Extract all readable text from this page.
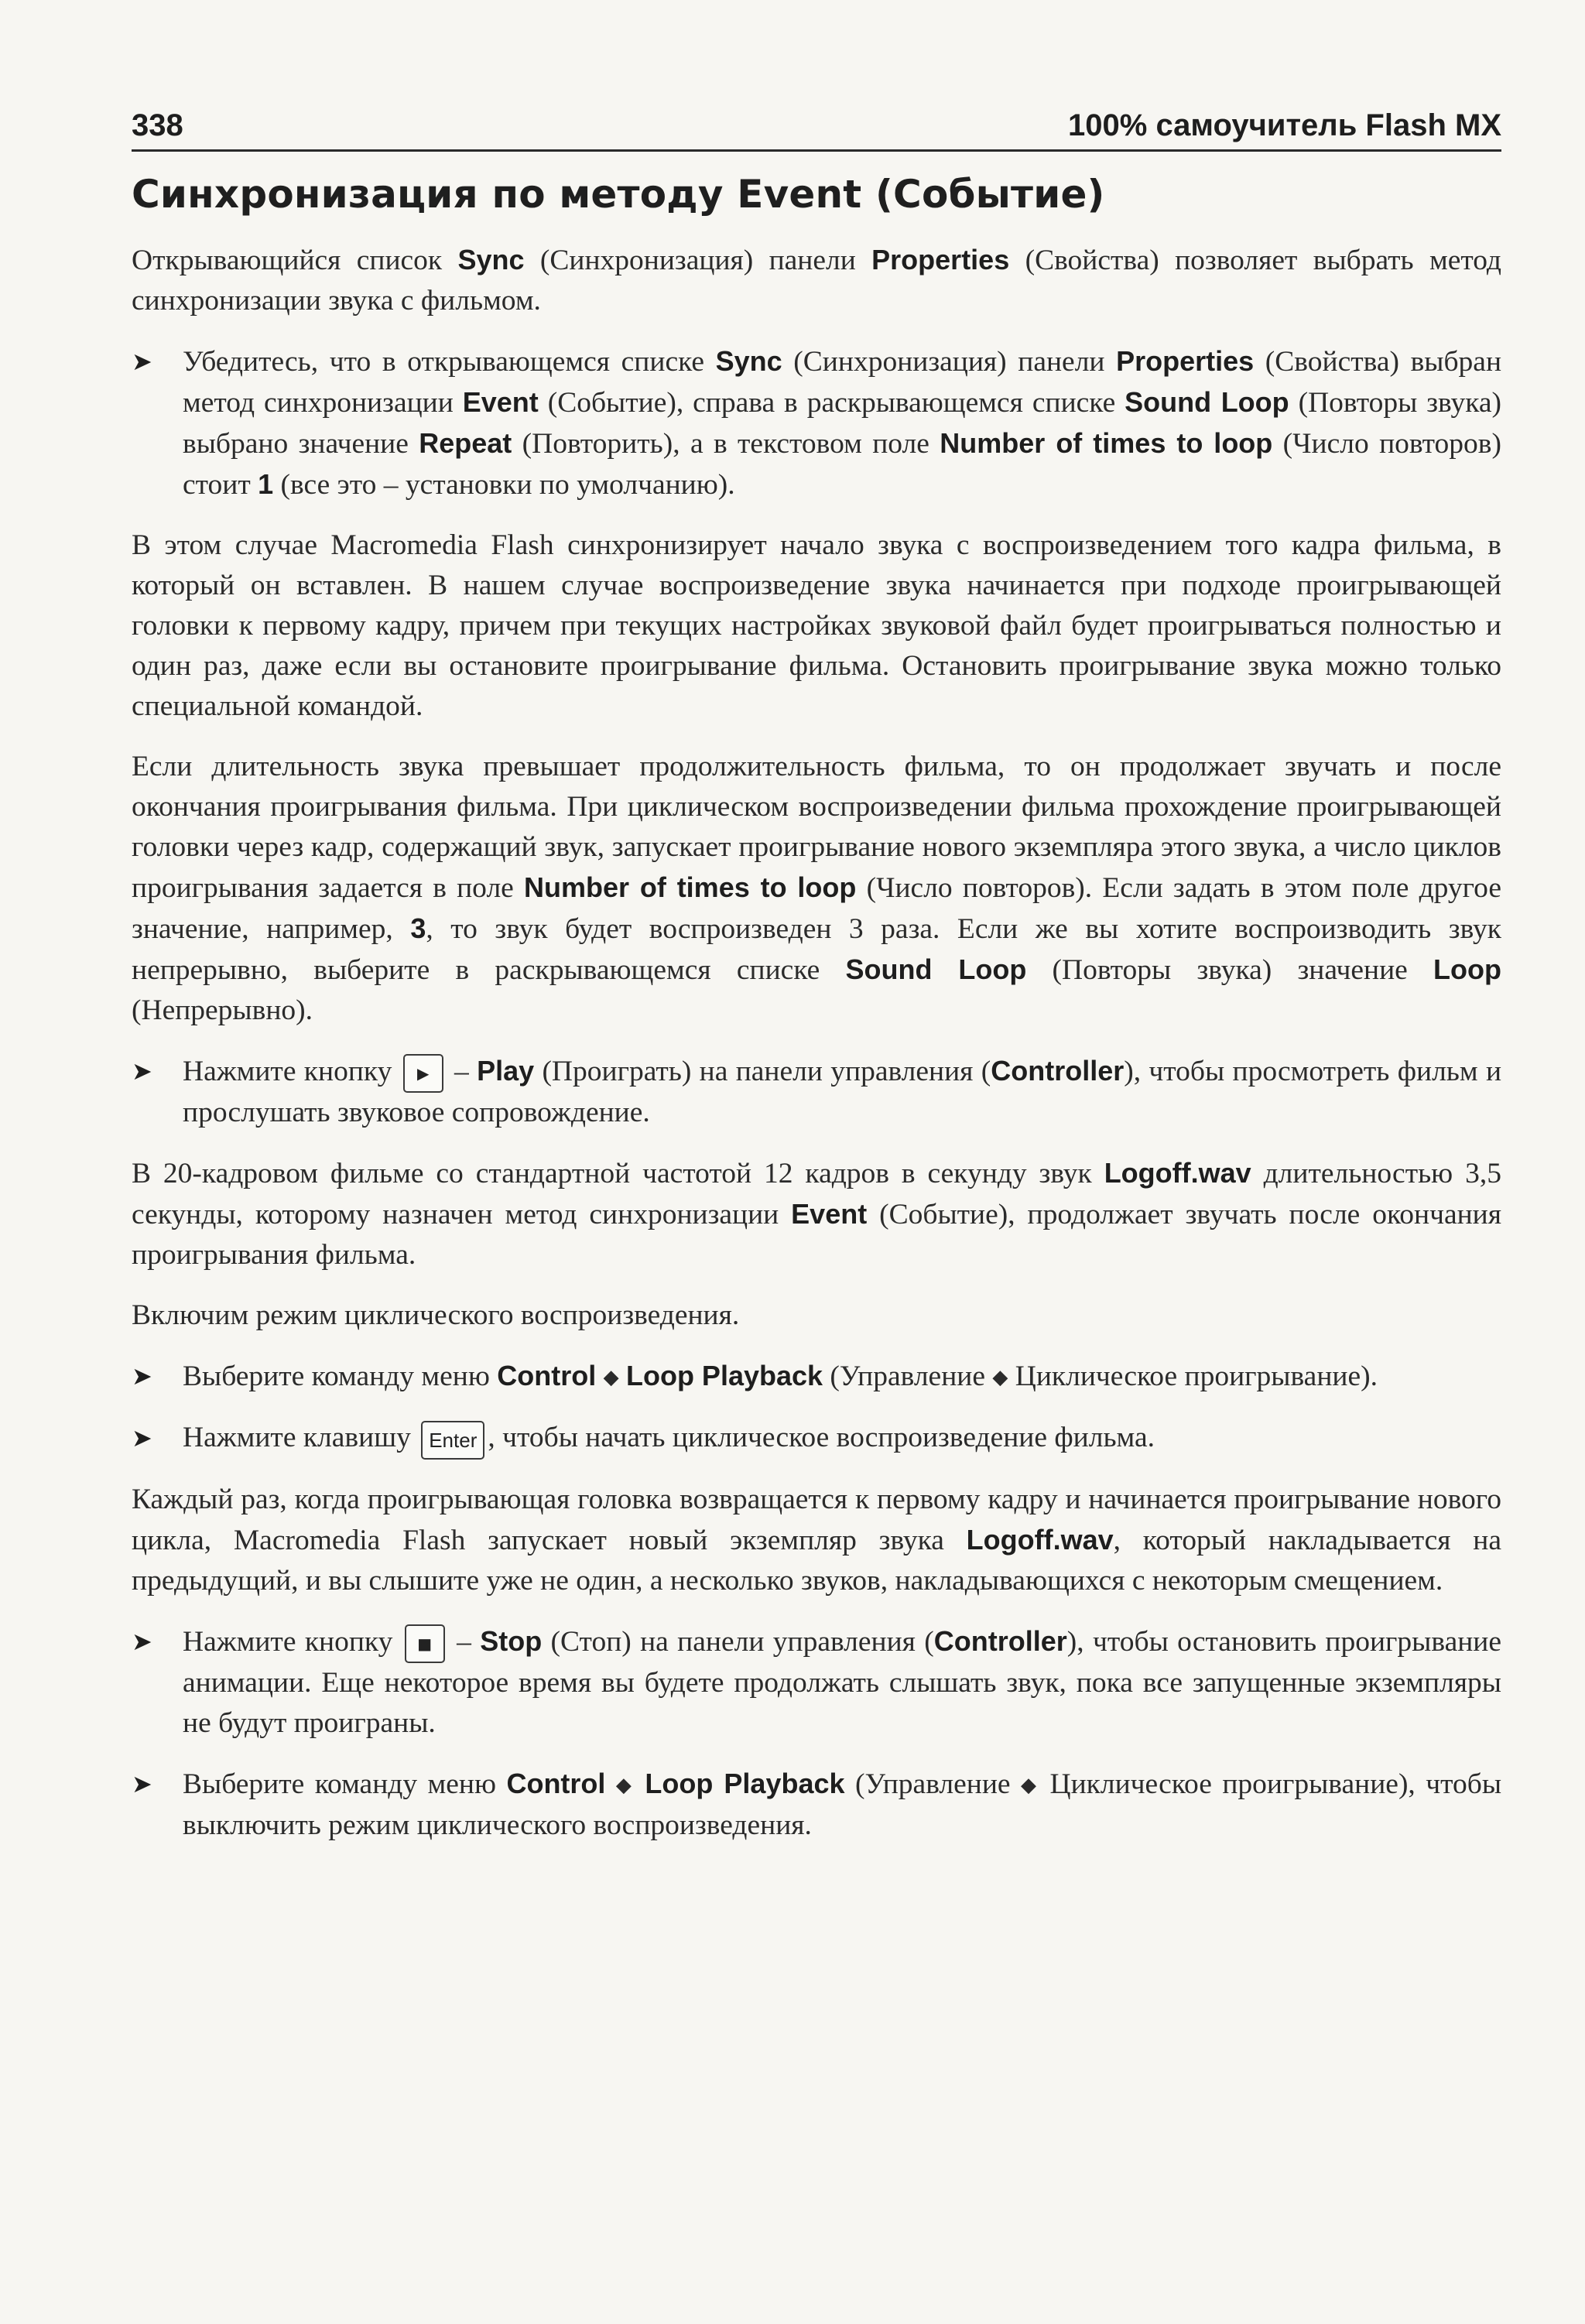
338	100% самоучитель Flash MX
Синхронизация по методу Event (Событие)

Открывающийся список Sync (Синхронизация) панели Properties (Свойства) позволяет выбрать метод синхронизации звука с фильмом.

➤	Убедитесь, что в открывающемся списке Sync (Синхронизация) панели Properties (Свойства) выбран метод синхронизации Event (Событие), справа в раскрывающемся списке Sound Loop (Повторы звука) выбрано значение Repeat (Повторить), а в текстовом поле Number of times to loop (Число повторов) стоит 1 (все это – установки по умолчанию).

В этом случае Macromedia Flash синхронизирует начало звука с воспроизведением того кадра фильма, в который он вставлен. В нашем случае воспроизведение звука начинается при подходе проигрывающей головки к первому кадру, причем при текущих настройках звуковой файл будет проигрываться полностью и один раз, даже если вы остановите проигрывание фильма. Остановить проигрывание звука можно только специальной командой.

Если длительность звука превышает продолжительность фильма, то он продолжает звучать и после окончания проигрывания фильма. При циклическом воспроизведении фильма прохождение проигрывающей головки через кадр, содержащий звук, запускает проигрывание нового экземпляра этого звука, а число циклов проигрывания задается в поле Number of times to loop (Число повторов). Если задать в этом поле другое значение, например, 3, то звук будет воспроизведен 3 раза. Если же вы хотите воспроизводить звук непрерывно, выберите в раскрывающемся списке Sound Loop (Повторы звука) значение Loop (Непрерывно).

➤	Нажмите кнопку ▶ – Play (Проиграть) на панели управления (Controller), чтобы просмотреть фильм и прослушать звуковое сопровождение.

В 20-кадровом фильме со стандартной частотой 12 кадров в секунду звук Logoff.wav длительностью 3,5 секунды, которому назначен метод синхронизации Event (Событие), продолжает звучать после окончания проигрывания фильма.

Включим режим циклического воспроизведения.

➤	Выберите команду меню Control ◆ Loop Playback (Управление ◆ Циклическое проигрывание).
➤	Нажмите клавишу Enter , чтобы начать циклическое воспроизведение фильма.

Каждый раз, когда проигрывающая головка возвращается к первому кадру и начинается проигрывание нового цикла, Macromedia Flash запускает новый экземпляр звука Logoff.wav, который накладывается на предыдущий, и вы слышите уже не один, а несколько звуков, накладывающихся с некоторым смещением.

➤	Нажмите кнопку ■ – Stop (Стоп) на панели управления (Controller), чтобы остановить проигрывание анимации. Еще некоторое время вы будете продолжать слышать звук, пока все запущенные экземпляры не будут проиграны.
➤	Выберите команду меню Control ◆ Loop Playback (Управление ◆ Циклическое проигрывание), чтобы выключить режим циклического воспроизведения.
